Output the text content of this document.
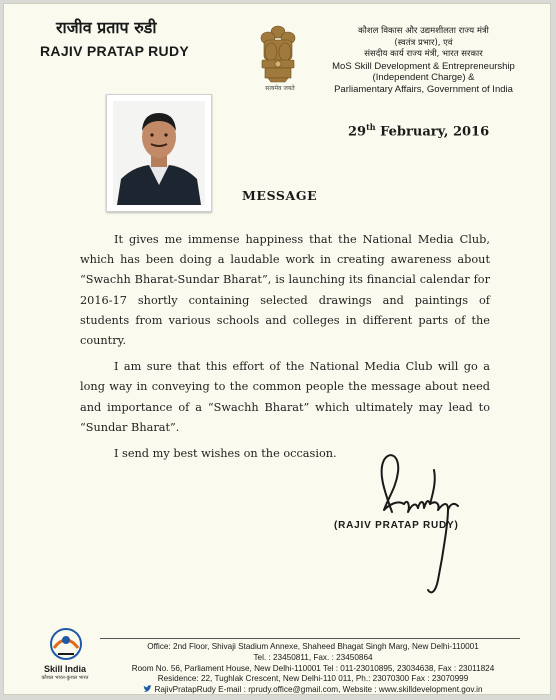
राजीव प्रताप रुडी
RAJIV PRATAP RUDY
सत्यमेव जयते
कौशल विकास और उद्यमशीलता राज्य मंत्री
(स्वतंत्र प्रभार), एवं
संसदीय कार्य राज्य मंत्री, भारत सरकार
MoS Skill Development & Entrepreneurship
(Independent Charge) &
Parliamentary Affairs, Government of India
29th February, 2016
MESSAGE

It gives me immense happiness that the National Media Club, which has been doing a laudable work in creating awareness about “Swachh Bharat-Sundar Bharat”, is launching its financial calendar for 2016-17 shortly containing selected drawings and paintings of students from various schools and colleges in different parts of the country.

I am sure that this effort of the National Media Club will go a long way in conveying to the common people the message about need and importance of a “Swachh Bharat” which ultimately may lead to “Sundar Bharat”.

I send my best wishes on the occasion.

(RAJIV PRATAP RUDY)
Skill India
कौशल भारत-कुशल भारत
Office: 2nd Floor, Shivaji Stadium Annexe, Shaheed Bhagat Singh Marg, New Delhi-110001
Tel. : 23450811, Fax. : 23450864
Room No. 56, Parliament House, New Delhi-110001 Tel : 011-23010895, 23034638, Fax : 23011824
Residence: 22, Tughlak Crescent, New Delhi-110 011, Ph.: 23070300 Fax : 23070999
RajivPratapRudy E-mail : rprudy.office@gmail.com, Website : www.skilldevelopment.gov.in
